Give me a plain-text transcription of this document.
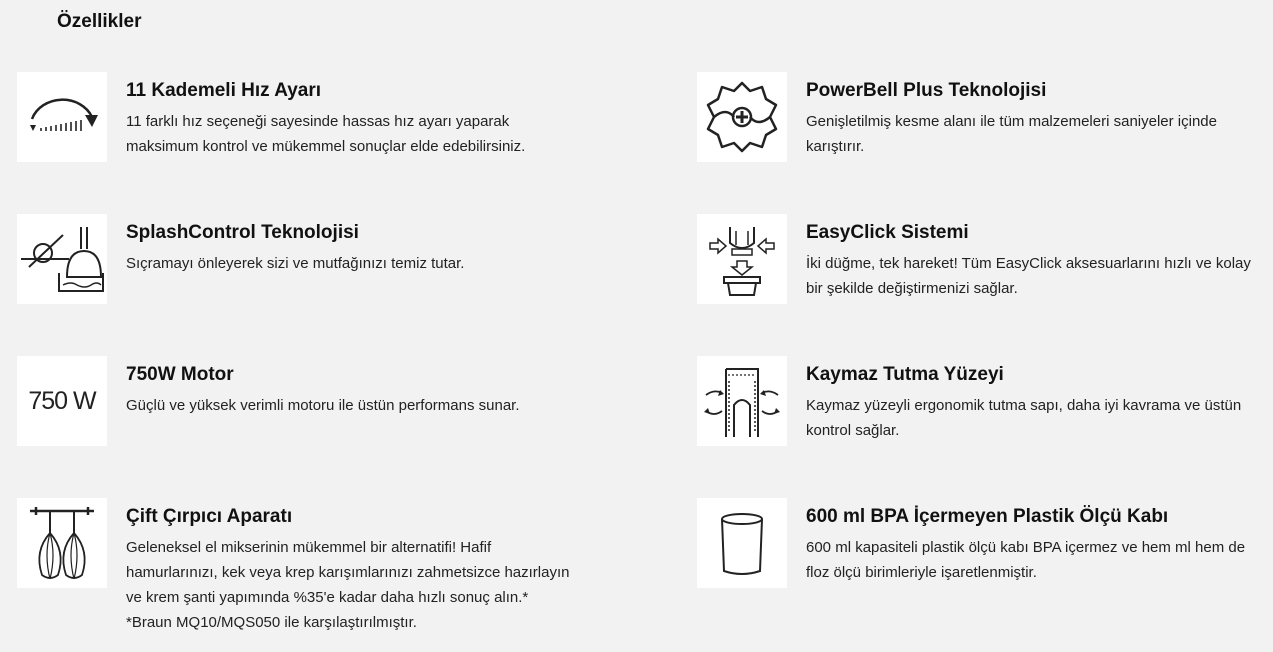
Özellikler
11 Kademeli Hız Ayarı
11 farklı hız seçeneği sayesinde hassas hız ayarı yaparak maksimum kontrol ve mükemmel sonuçlar elde edebilirsiniz.
PowerBell Plus Teknolojisi
Genişletilmiş kesme alanı ile tüm malzemeleri saniyeler içinde karıştırır.
SplashControl Teknolojisi
Sıçramayı önleyerek sizi ve mutfağınızı temiz tutar.
EasyClick Sistemi
İki düğme, tek hareket! Tüm EasyClick aksesuarlarını hızlı ve kolay bir şekilde değiştirmenizi sağlar.
750 W
750W Motor
Güçlü ve yüksek verimli motoru ile üstün performans sunar.
Kaymaz Tutma Yüzeyi
Kaymaz yüzeyli ergonomik tutma sapı, daha iyi kavrama ve üstün kontrol sağlar.
Çift Çırpıcı Aparatı
Geleneksel el mikserinin mükemmel bir alternatifi! Hafif hamurlarınızı, kek veya krep karışımlarınızı zahmetsizce hazırlayın ve krem şanti yapımında %35'e kadar daha hızlı sonuç alın.* *Braun MQ10/MQS050 ile karşılaştırılmıştır.
600 ml BPA İçermeyen Plastik Ölçü Kabı
600 ml kapasiteli plastik ölçü kabı BPA içermez ve hem ml hem de floz ölçü birimleriyle işaretlenmiştir.
